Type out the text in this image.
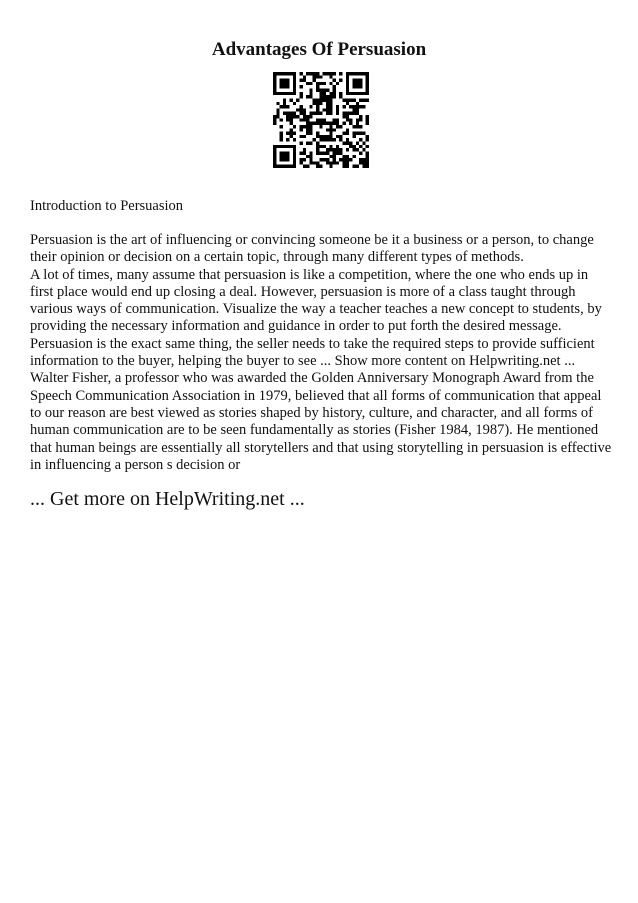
Advantages Of Persuasion
Introduction to Persuasion

Persuasion is the art of influencing or convincing someone be it a business or a person, to change their opinion or decision on a certain topic, through many different types of methods.

A lot of times, many assume that persuasion is like a competition, where the one who ends up in first place would end up closing a deal. However, persuasion is more of a class taught through various ways of communication. Visualize the way a teacher teaches a new concept to students, by providing the necessary information and guidance in order to put forth the desired message. Persuasion is the exact same thing, the seller needs to take the required steps to provide sufficient information to the buyer, helping the buyer to see ... Show more content on Helpwriting.net ...

Walter Fisher, a professor who was awarded the Golden Anniversary Monograph Award from the Speech Communication Association in 1979, believed that all forms of communication that appeal to our reason are best viewed as stories shaped by history, culture, and character, and all forms of human communication are to be seen fundamentally as stories (Fisher 1984, 1987). He mentioned that human beings are essentially all storytellers and that using storytelling in persuasion is effective in influencing a person s decision or

... Get more on HelpWriting.net ...
